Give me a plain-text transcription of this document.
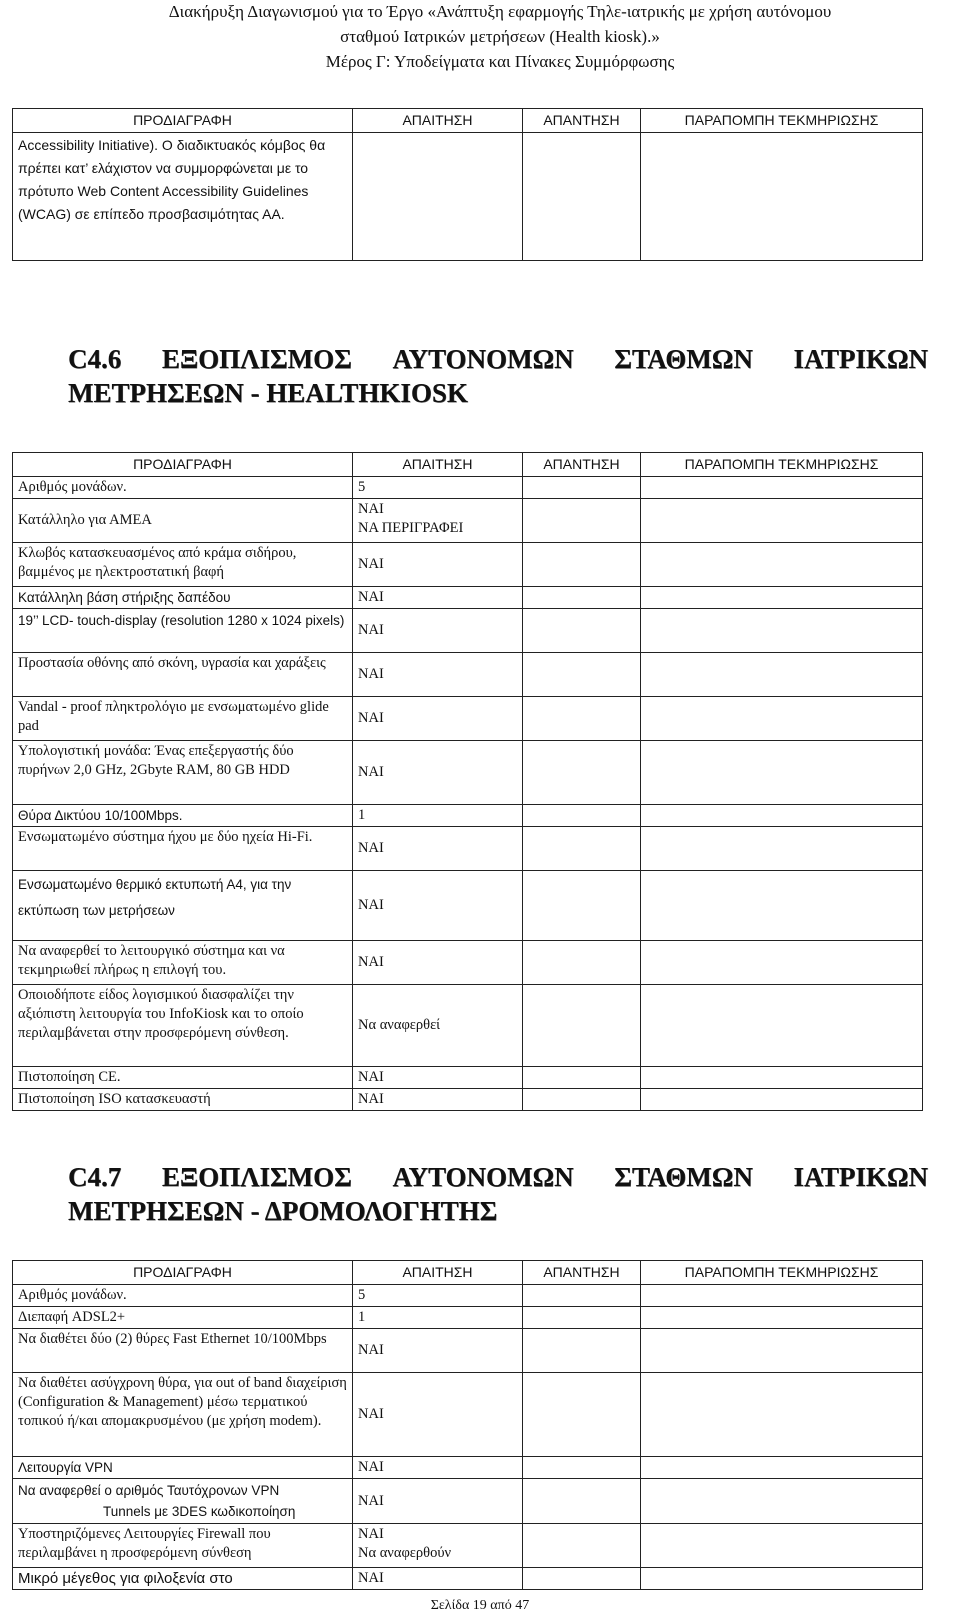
Διακήρυξη Διαγωνισμού για το Έργο «Ανάπτυξη εφαρμογής Τηλε-ιατρικής με χρήση αυτόνομου
σταθμού Ιατρικών μετρήσεων (Health kiosk).»
Μέρος Γ: Υποδείγματα και Πίνακες Συμμόρφωσης
ΠΡΟΔΙΑΓΡΑΦΗ	ΑΠΑΙΤΗΣΗ	ΑΠΑΝΤΗΣΗ	ΠΑΡΑΠΟΜΠΗ ΤΕΚΜΗΡΙΩΣΗΣ
Accessibility Initiative). Ο διαδικτυακός κόμβος θα πρέπει κατ’ ελάχιστον να συμμορφώνεται με το πρότυπο Web Content Accessibility Guidelines (WCAG) σε επίπεδο προσβασιμότητας ΑΑ.			
C4.6 ΕΞΟΠΛΙΣΜΟΣ ΑΥΤΟΝΟΜΩΝ ΣΤΑΘΜΩΝ ΙΑΤΡΙΚΩΝ
ΜΕΤΡΗΣΕΩΝ - HEALTHKIOSK
ΠΡΟΔΙΑΓΡΑΦΗ	ΑΠΑΙΤΗΣΗ	ΑΠΑΝΤΗΣΗ	ΠΑΡΑΠΟΜΠΗ ΤΕΚΜΗΡΙΩΣΗΣ
Αριθμός μονάδων.	5		
Κατάλληλο για ΑΜΕΑ	ΝΑΙ
ΝΑ ΠΕΡΙΓΡΑΦΕΙ		
Κλωβός κατασκευασμένος από κράμα σιδήρου, βαμμένος με ηλεκτροστατική βαφή	ΝΑΙ		
Κατάλληλη βάση στήριξης δαπέδου	ΝΑΙ		
19’’ LCD- touch-display (resolution 1280 x 1024 pixels)	ΝΑΙ		
Προστασία οθόνης από σκόνη, υγρασία και χαράξεις	ΝΑΙ		
Vandal - proof πληκτρολόγιο με ενσωματωμένο glide pad	ΝΑΙ		
Υπολογιστική μονάδα: Ένας επεξεργαστής δύο πυρήνων 2,0 GHz, 2Gbyte RAM, 80 GB HDD	ΝΑΙ		
Θύρα Δικτύου 10/100Mbps.	1		
Ενσωματωμένο σύστημα ήχου με δύο ηχεία Hi-Fi.	ΝΑΙ		
Ενσωματωμένο θερμικό εκτυπωτή Α4, για την εκτύπωση των μετρήσεων	ΝΑΙ		
Να αναφερθεί το λειτουργικό σύστημα και να τεκμηριωθεί πλήρως η επιλογή του.	ΝΑΙ		
Οποιοδήποτε είδος λογισμικού διασφαλίζει την αξιόπιστη λειτουργία του InfoKiosk και το οποίο περιλαμβάνεται στην προσφερόμενη σύνθεση.	Να αναφερθεί		
Πιστοποίηση CE.	ΝΑΙ		
Πιστοποίηση ISO κατασκευαστή	ΝΑΙ		
C4.7 ΕΞΟΠΛΙΣΜΟΣ ΑΥΤΟΝΟΜΩΝ ΣΤΑΘΜΩΝ ΙΑΤΡΙΚΩΝ
ΜΕΤΡΗΣΕΩΝ - ΔΡΟΜΟΛΟΓΗΤΗΣ
ΠΡΟΔΙΑΓΡΑΦΗ	ΑΠΑΙΤΗΣΗ	ΑΠΑΝΤΗΣΗ	ΠΑΡΑΠΟΜΠΗ ΤΕΚΜΗΡΙΩΣΗΣ
Αριθμός μονάδων.	5		
Διεπαφή ADSL2+	1		
Να διαθέτει δύο (2) θύρες Fast Ethernet 10/100Mbps	ΝΑΙ		
Να διαθέτει ασύγχρονη θύρα, για out of band διαχείριση (Configuration & Management) μέσω τερματικού τοπικού ή/και απομακρυσμένου (με χρήση modem).	ΝΑΙ		
Λειτουργία VPN	ΝΑΙ		

Να αναφερθεί ο αριθμός Ταυτόχρονων VPN
Tunnels με 3DES κωδικοποίηση	ΝΑΙ		
Υποστηριζόμενες Λειτουργίες Firewall που περιλαμβάνει η προσφερόμενη σύνθεση	ΝΑΙ
Να αναφερθούν		
Μικρό μέγεθος για φιλοξενία στο	ΝΑΙ		
Σελίδα 19 από 47
